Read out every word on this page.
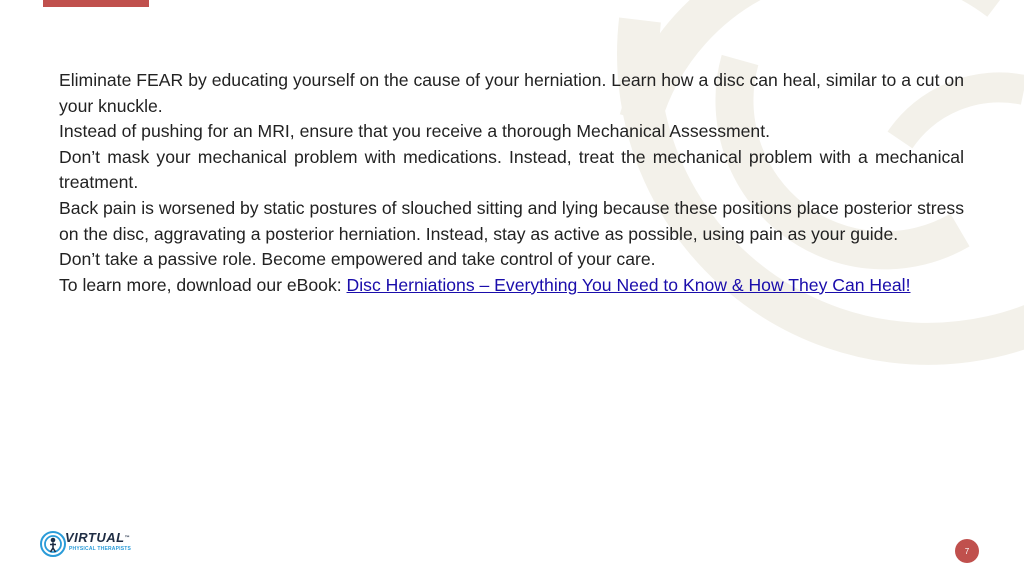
Eliminate FEAR by educating yourself on the cause of your herniation. Learn how a disc can heal, similar to a cut on your knuckle.

Instead of pushing for an MRI, ensure that you receive a thorough Mechanical Assessment.

Don’t mask your mechanical problem with medications. Instead, treat the mechanical problem with a mechanical treatment.

Back pain is worsened by static postures of slouched sitting and lying because these positions place posterior stress on the disc, aggravating a posterior herniation. Instead, stay as active as possible, using pain as your guide.

Don’t take a passive role. Become empowered and take control of your care.

To learn more, download our eBook: Disc Herniations – Everything You Need to Know & How They Can Heal!

VIRTUAL™
PHYSICAL THERAPISTS	7
